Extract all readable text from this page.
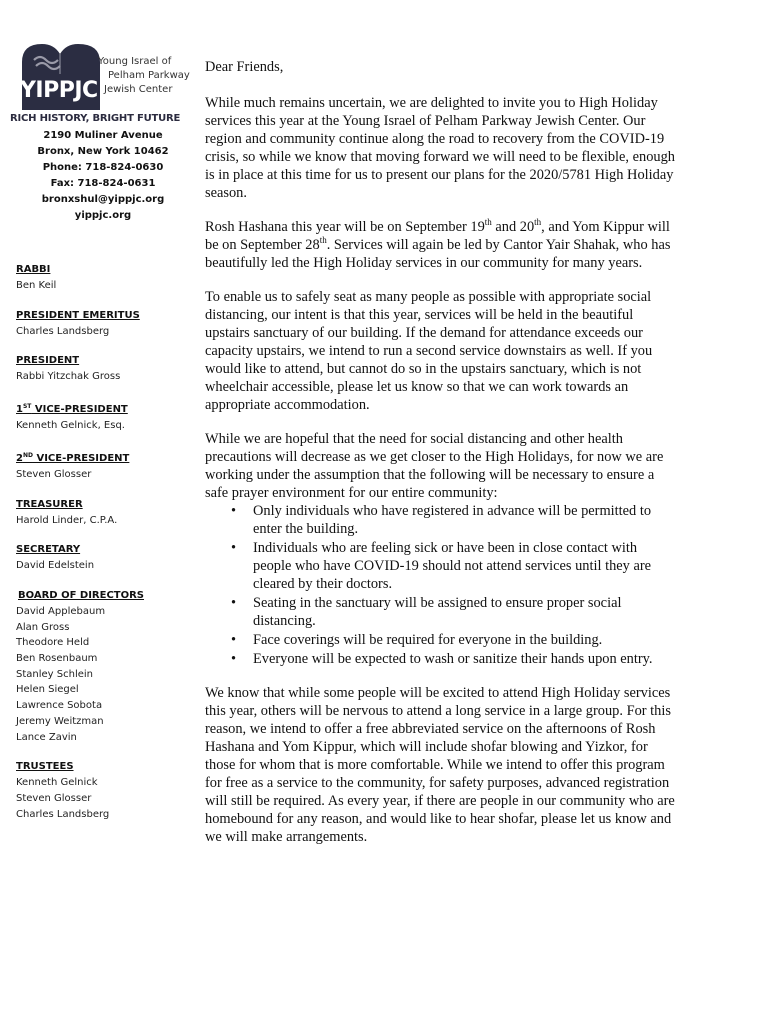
YIPPJC
Young Israel of
Pelham Parkway
Jewish Center
RICH HISTORY, BRIGHT FUTURE
2190 Muliner Avenue
Bronx, New York 10462
Phone: 718-824-0630
Fax: 718-824-0631
bronxshul@yippjc.org
yippjc.org
RABBI
Ben Keil
PRESIDENT EMERITUS
Charles Landsberg
PRESIDENT
Rabbi Yitzchak Gross
1ST VICE-PRESIDENT
Kenneth Gelnick, Esq.
2ND VICE-PRESIDENT
Steven Glosser
TREASURER
Harold Linder, C.P.A.
SECRETARY
David Edelstein
BOARD OF DIRECTORS
David Applebaum
Alan Gross
Theodore Held
Ben Rosenbaum
Stanley Schlein
Helen Siegel
Lawrence Sobota
Jeremy Weitzman
Lance Zavin
TRUSTEES
Kenneth Gelnick
Steven Glosser
Charles Landsberg

Dear Friends,

While much remains uncertain, we are delighted to invite you to High Holiday services this year at the Young Israel of Pelham Parkway Jewish Center. Our region and community continue along the road to recovery from the COVID-19 crisis, so while we know that moving forward we will need to be flexible, enough is in place at this time for us to present our plans for the 2020/5781 High Holiday season.

Rosh Hashana this year will be on September 19th and 20th, and Yom Kippur will be on September 28th. Services will again be led by Cantor Yair Shahak, who has beautifully led the High Holiday services in our community for many years.

To enable us to safely seat as many people as possible with appropriate social distancing, our intent is that this year, services will be held in the beautiful upstairs sanctuary of our building. If the demand for attendance exceeds our capacity upstairs, we intend to run a second service downstairs as well. If you would like to attend, but cannot do so in the upstairs sanctuary, which is not wheelchair accessible, please let us know so that we can work towards an appropriate accommodation.

While we are hopeful that the need for social distancing and other health precautions will decrease as we get closer to the High Holidays, for now we are working under the assumption that the following will be necessary to ensure a safe prayer environment for our entire community:

• Only individuals who have registered in advance will be permitted to enter the building.
• Individuals who are feeling sick or have been in close contact with people who have COVID-19 should not attend services until they are cleared by their doctors.
• Seating in the sanctuary will be assigned to ensure proper social distancing.
• Face coverings will be required for everyone in the building.
• Everyone will be expected to wash or sanitize their hands upon entry.

We know that while some people will be excited to attend High Holiday services this year, others will be nervous to attend a long service in a large group. For this reason, we intend to offer a free abbreviated service on the afternoons of Rosh Hashana and Yom Kippur, which will include shofar blowing and Yizkor, for those for whom that is more comfortable. While we intend to offer this program for free as a service to the community, for safety purposes, advanced registration will still be required. As every year, if there are people in our community who are homebound for any reason, and would like to hear shofar, please let us know and we will make arrangements.
